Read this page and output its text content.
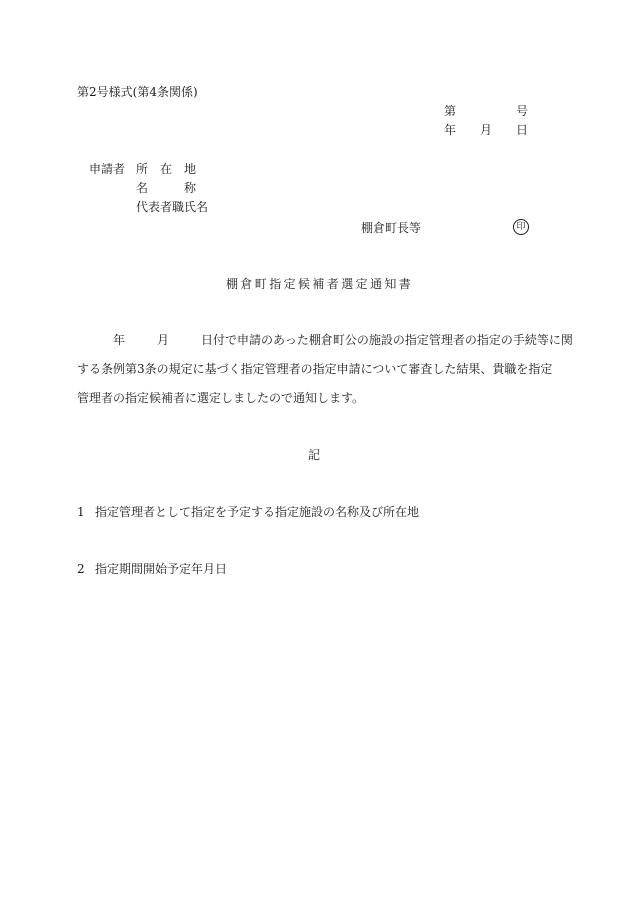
第2号様式(第4条関係)
第	号
年 月 日
申請者 所　在　地
名　　　称
代表者職氏名
棚倉町長等	印
棚倉町指定候補者選定通知書
年	月	日付で申請のあった棚倉町公の施設の指定管理者の指定の手続等に関
する条例第3条の規定に基づく指定管理者の指定申請について審査した結果、貴職を指定
管理者の指定候補者に選定しましたので通知します。
記
1 指定管理者として指定を予定する指定施設の名称及び所在地
2 指定期間開始予定年月日
